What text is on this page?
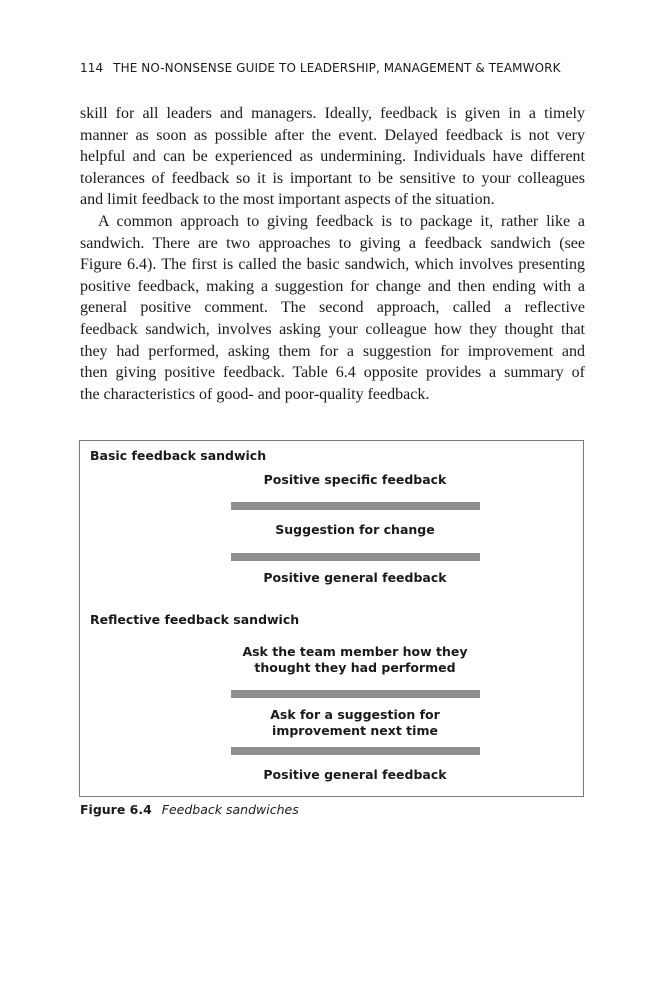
114 THE NO-NONSENSE GUIDE TO LEADERSHIP, MANAGEMENT & TEAMWORK
skill for all leaders and managers. Ideally, feedback is given in a timely
manner as soon as possible after the event. Delayed feedback is not very
helpful and can be experienced as undermining. Individuals have different
tolerances of feedback so it is important to be sensitive to your colleagues
and limit feedback to the most important aspects of the situation.
A common approach to giving feedback is to package it, rather like a
sandwich. There are two approaches to giving a feedback sandwich (see
Figure 6.4). The first is called the basic sandwich, which involves presenting
positive feedback, making a suggestion for change and then ending with a
general positive comment. The second approach, called a reflective
feedback sandwich, involves asking your colleague how they thought that
they had performed, asking them for a suggestion for improvement and
then giving positive feedback. Table 6.4 opposite provides a summary of
the characteristics of good- and poor-quality feedback.
Basic feedback sandwich
Positive specific feedback
Suggestion for change
Positive general feedback
Reflective feedback sandwich
Ask the team member how they
thought they had performed
Ask for a suggestion for
improvement next time
Positive general feedback
Figure 6.4 Feedback sandwiches
